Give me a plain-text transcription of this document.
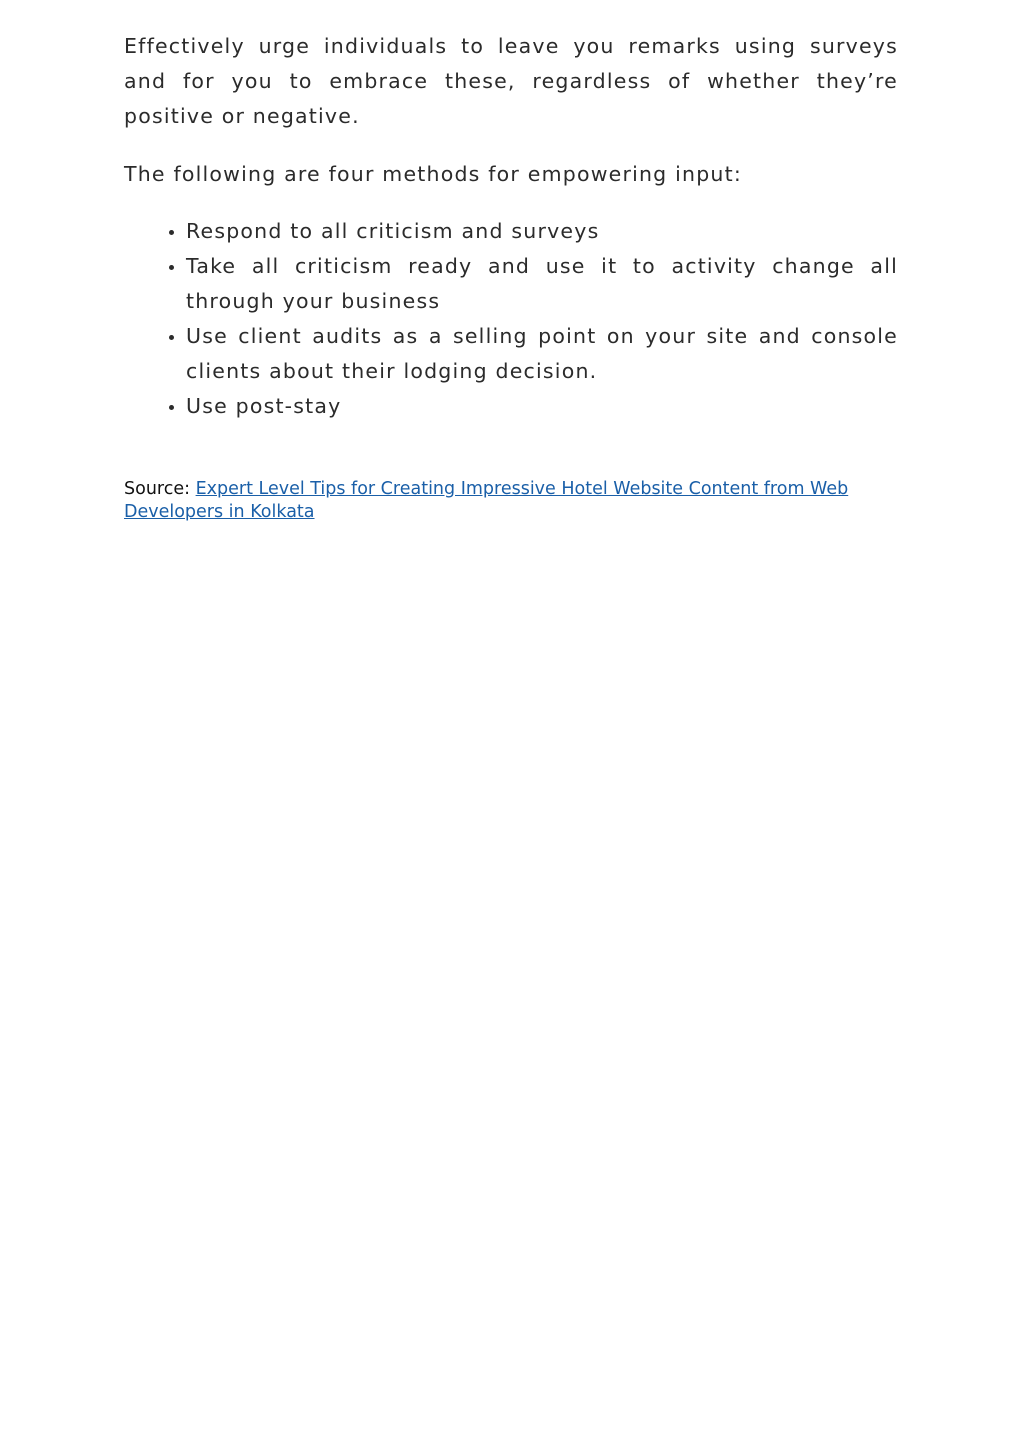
Effectively urge individuals to leave you remarks using surveys and for you to embrace these, regardless of whether they’re positive or negative.

The following are four methods for empowering input:

• Respond to all criticism and surveys
• Take all criticism ready and use it to activity change all through your business
• Use client audits as a selling point on your site and console clients about their lodging decision.
• Use post-stay
Source: Expert Level Tips for Creating Impressive Hotel Website Content from Web Developers in Kolkata
